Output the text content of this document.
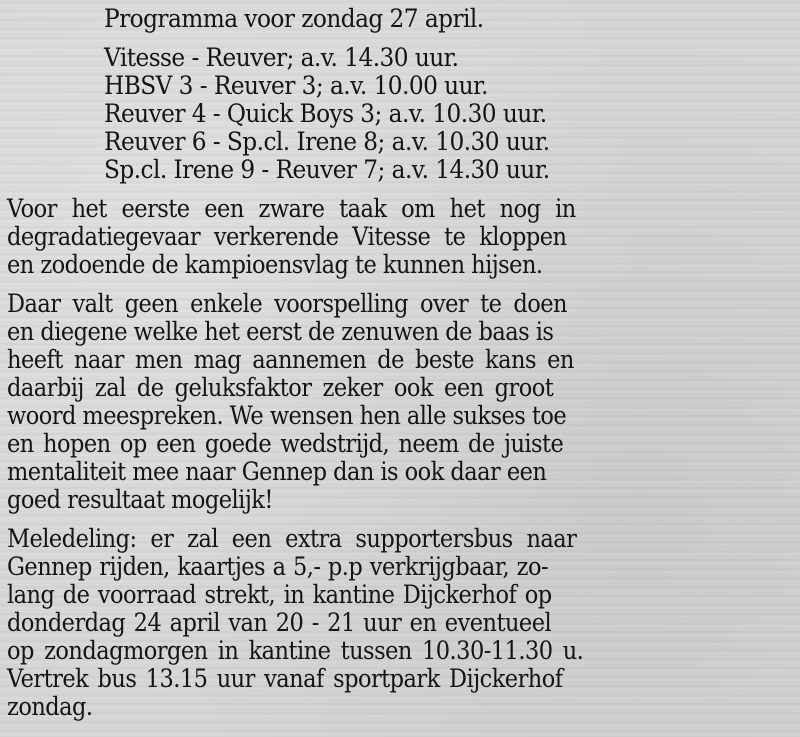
Programma voor zondag 27 april.
Vitesse - Reuver; a.v. 14.30 uur.
HBSV 3 - Reuver 3; a.v. 10.00 uur.
Reuver 4 - Quick Boys 3; a.v. 10.30 uur.
Reuver 6 - Sp.cl. Irene 8; a.v. 10.30 uur.
Sp.cl. Irene 9 - Reuver 7; a.v. 14.30 uur.
Voor het eerste een zware taak om het nog in
degradatiegevaar verkerende Vitesse te kloppen
en zodoende de kampioensvlag te kunnen hijsen.
Daar valt geen enkele voorspelling over te doen
en diegene welke het eerst de zenuwen de baas is
heeft naar men mag aannemen de beste kans en
daarbij zal de geluksfaktor zeker ook een groot
woord meespreken. We wensen hen alle sukses toe
en hopen op een goede wedstrijd, neem de juiste
mentaliteit mee naar Gennep dan is ook daar een
goed resultaat mogelijk!
Meledeling: er zal een extra supportersbus naar
Gennep rijden, kaartjes a 5,- p.p verkrijgbaar, zo-
lang de voorraad strekt, in kantine Dijckerhof op
donderdag 24 april van 20 - 21 uur en eventueel
op zondagmorgen in kantine tussen 10.30-11.30 u.
Vertrek bus 13.15 uur vanaf sportpark Dijckerhof
zondag.
